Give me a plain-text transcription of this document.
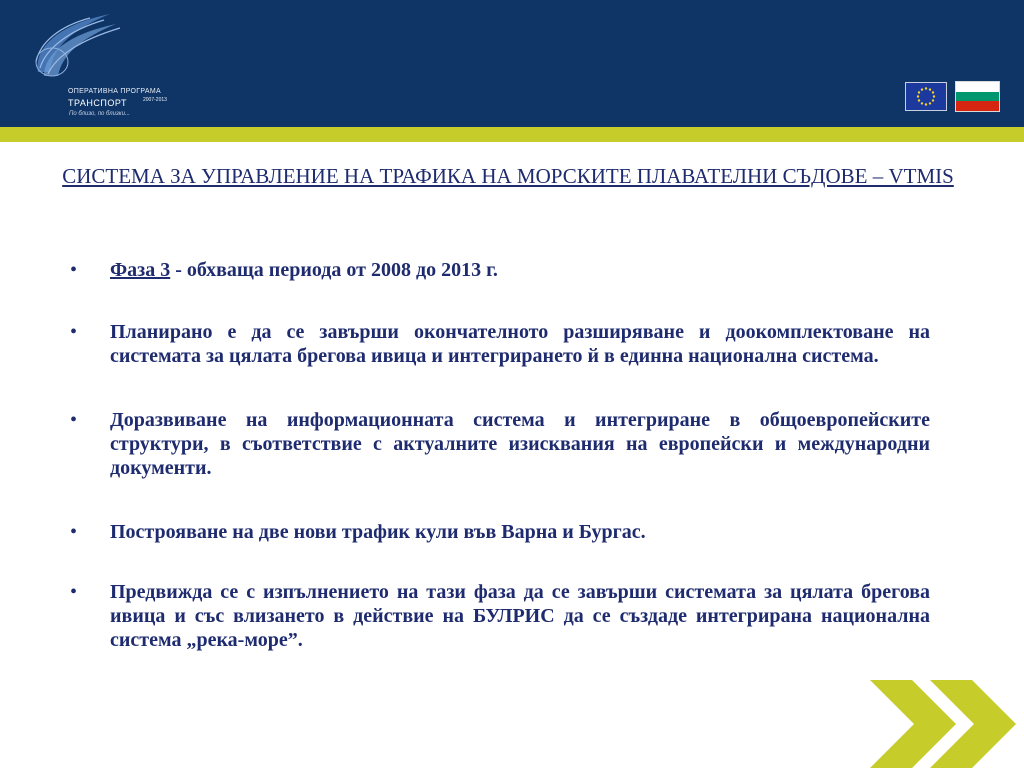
ОПЕРАТИВНА ПРОГРАМА
ТРАНСПОРТ	2007-2013
По близо, по близки...
СИСТЕМА ЗА УПРАВЛЕНИЕ НА ТРАФИКА НА МОРСКИТЕ ПЛАВАТЕЛНИ СЪДОВЕ – VTMIS
• Фаза 3 - обхваща периода от 2008 до 2013 г.
• Планирано е да се завърши окончателното разширяване и доокомплектоване на системата за цялата брегова ивица и интегрирането й в единна национална система.
• Доразвиване на информационната система и интегриране в общоевропейските структури, в съответствие с актуалните изисквания на европейски и международни документи.
• Построяване на две нови трафик кули във Варна и Бургас.
• Предвижда се с изпълнението на тази фаза да се завърши системата за цялата брегова ивица и със влизането в действие на БУЛРИС да се създаде интегрирана национална система „река-море”.
